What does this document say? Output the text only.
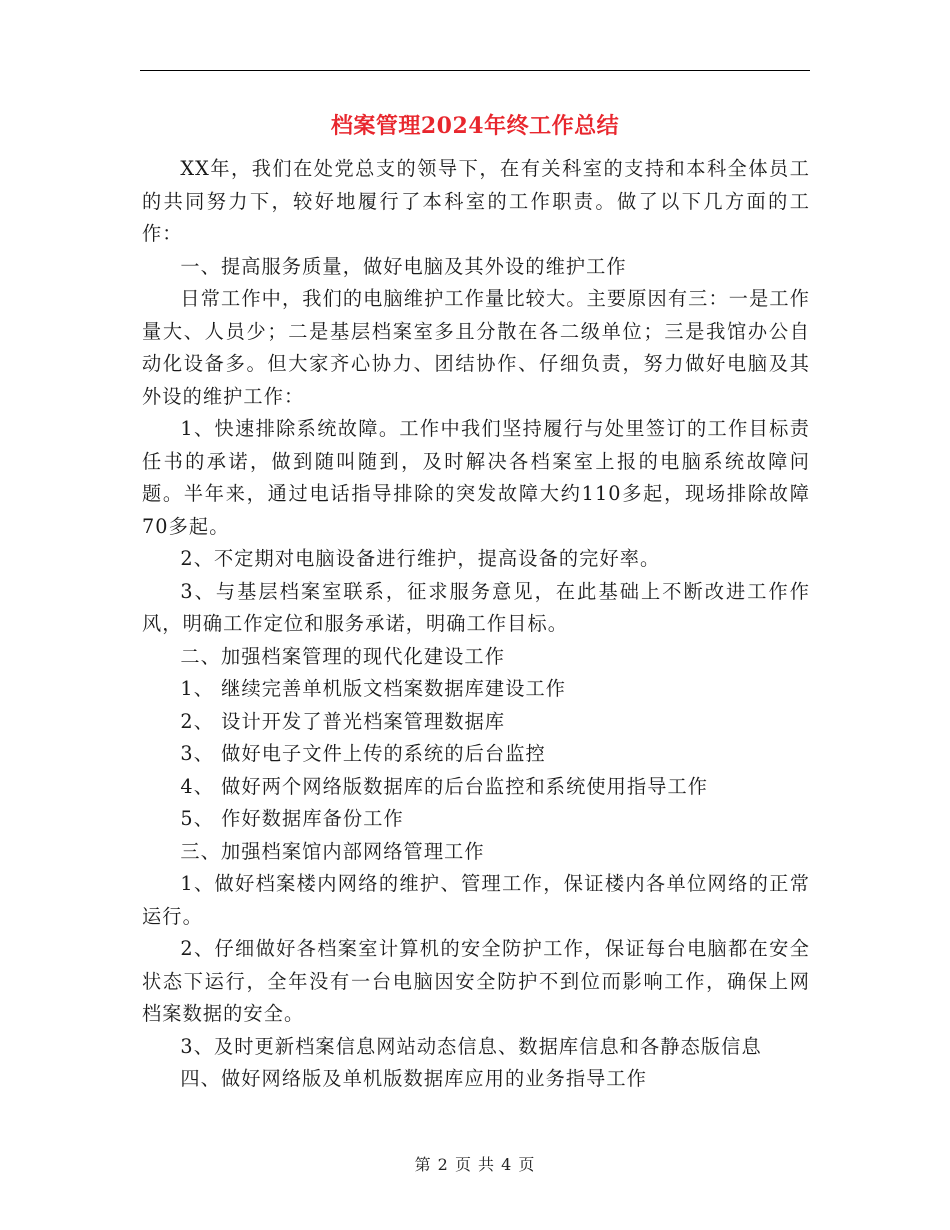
档案管理2024年终工作总结

XX年，我们在处党总支的领导下，在有关科室的支持和本科全体员工的共同努力下，较好地履行了本科室的工作职责。做了以下几方面的工作：

一、提高服务质量，做好电脑及其外设的维护工作

日常工作中，我们的电脑维护工作量比较大。主要原因有三：一是工作量大、人员少；二是基层档案室多且分散在各二级单位；三是我馆办公自动化设备多。但大家齐心协力、团结协作、仔细负责，努力做好电脑及其外设的维护工作：

1、快速排除系统故障。工作中我们坚持履行与处里签订的工作目标责任书的承诺，做到随叫随到，及时解决各档案室上报的电脑系统故障问题。半年来，通过电话指导排除的突发故障大约110多起，现场排除故障70多起。

2、不定期对电脑设备进行维护，提高设备的完好率。

3、与基层档案室联系，征求服务意见，在此基础上不断改进工作作风，明确工作定位和服务承诺，明确工作目标。

二、加强档案管理的现代化建设工作

1、 继续完善单机版文档案数据库建设工作

2、 设计开发了普光档案管理数据库

3、 做好电子文件上传的系统的后台监控

4、 做好两个网络版数据库的后台监控和系统使用指导工作

5、 作好数据库备份工作

三、加强档案馆内部网络管理工作

1、做好档案楼内网络的维护、管理工作，保证楼内各单位网络的正常运行。

2、仔细做好各档案室计算机的安全防护工作，保证每台电脑都在安全状态下运行，全年没有一台电脑因安全防护不到位而影响工作，确保上网档案数据的安全。

3、及时更新档案信息网站动态信息、数据库信息和各静态版信息

四、做好网络版及单机版数据库应用的业务指导工作

第 2 页 共 4 页
